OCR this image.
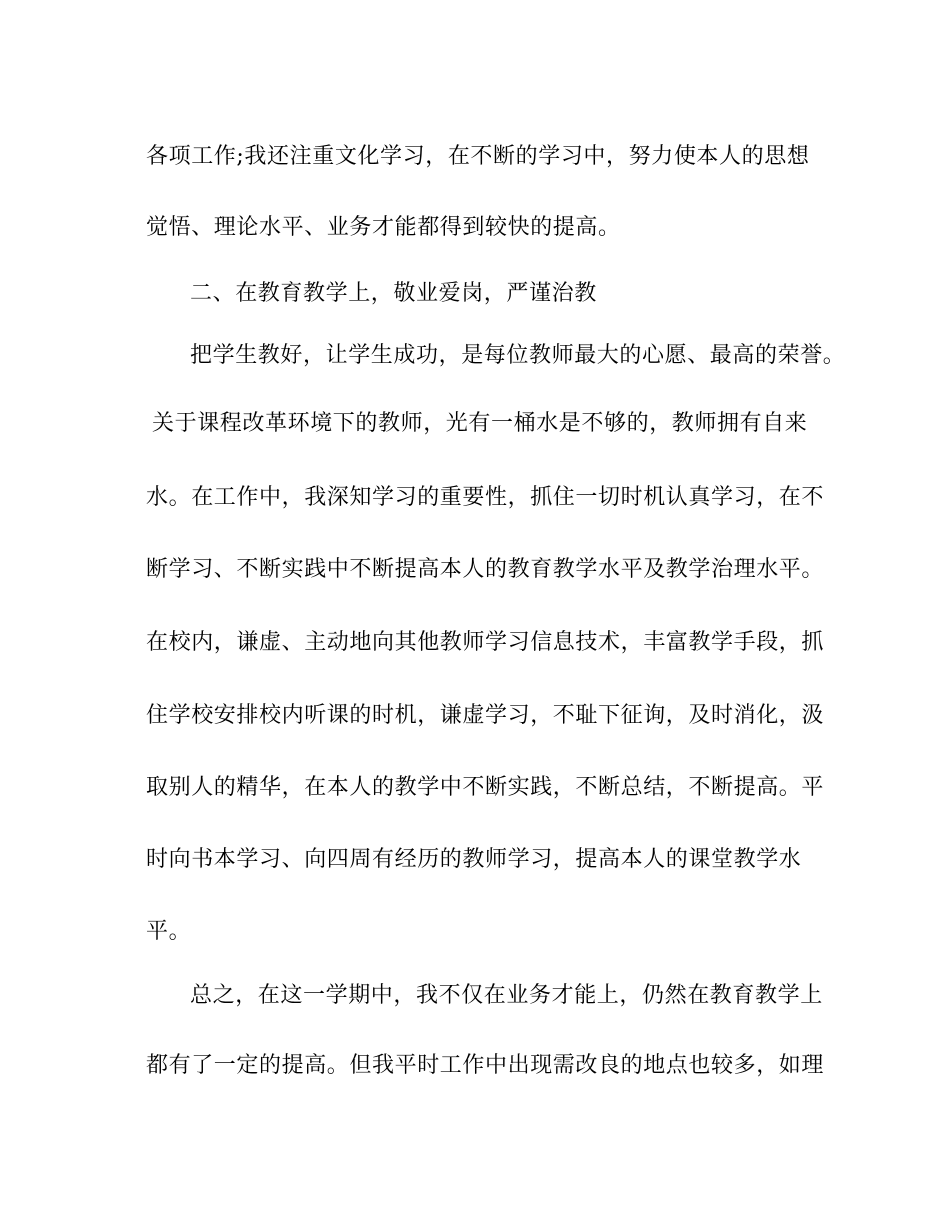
各项工作;我还注重文化学习，在不断的学习中，努力使本人的思想
觉悟、理论水平、业务才能都得到较快的提高。
二、在教育教学上，敬业爱岗，严谨治教
把学生教好，让学生成功，是每位教师最大的心愿、最高的荣誉。
关于课程改革环境下的教师，光有一桶水是不够的，教师拥有自来
水。在工作中，我深知学习的重要性，抓住一切时机认真学习，在不
断学习、不断实践中不断提高本人的教育教学水平及教学治理水平。
在校内，谦虚、主动地向其他教师学习信息技术，丰富教学手段，抓
住学校安排校内听课的时机，谦虚学习，不耻下征询，及时消化，汲
取别人的精华，在本人的教学中不断实践，不断总结，不断提高。平
时向书本学习、向四周有经历的教师学习，提高本人的课堂教学水
平。
总之，在这一学期中，我不仅在业务才能上，仍然在教育教学上
都有了一定的提高。但我平时工作中出现需改良的地点也较多，如理
